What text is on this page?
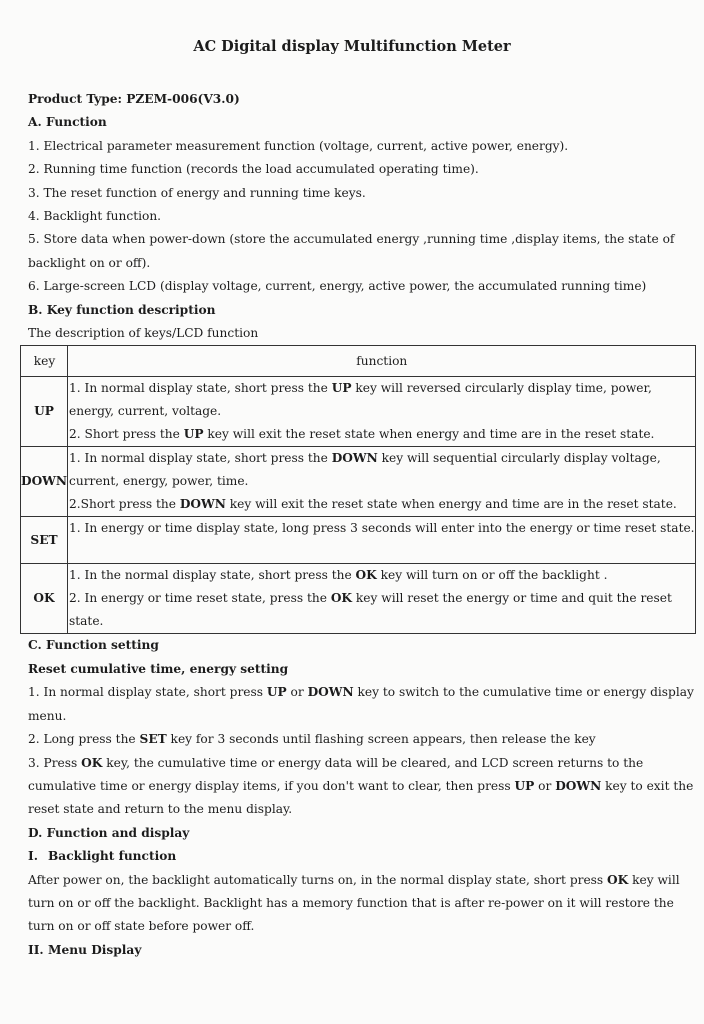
AC Digital display Multifunction Meter
Product Type: PZEM-006(V3.0)
A. Function
1. Electrical parameter measurement function (voltage, current, active power, energy).
2. Running time function (records the load accumulated operating time).
3. The reset function of energy and running time keys.
4. Backlight function.
5. Store data when power-down (store the accumulated energy ,running time ,display items, the state of
backlight on or off).
6. Large-screen LCD (display voltage, current, energy, active power, the accumulated running time)
B. Key function description
The description of keys/LCD function
key	function
UP	1. In normal display state, short press the UP key will reversed circularly display time, power,
energy, current, voltage.
2. Short press the UP key will exit the reset state when energy and time are in the reset state.

DOWN	1. In normal display state, short press the DOWN key will sequential circularly display voltage,
current, energy, power, time.
2.Short press the DOWN key will exit the reset state when energy and time are in the reset state.

SET	1. In energy or time display state, long press 3 seconds will enter into the energy or time reset state.

OK	1. In the normal display state, short press the OK key will turn on or off the backlight .
2. In energy or time reset state, press the OK key will reset the energy or time and quit the reset
state.
C. Function setting
Reset cumulative time, energy setting
1. In normal display state, short press UP or DOWN key to switch to the cumulative time or energy display
menu.
2. Long press the SET key for 3 seconds until flashing screen appears, then release the key
3. Press OK key, the cumulative time or energy data will be cleared, and LCD screen returns to the
cumulative time or energy display items, if you don't want to clear, then press UP or DOWN key to exit the
reset state and return to the menu display.
D. Function and display
I. Backlight function
After power on, the backlight automatically turns on, in the normal display state, short press OK key will
turn on or off the backlight. Backlight has a memory function that is after re-power on it will restore the
turn on or off state before power off.
II. Menu Display
